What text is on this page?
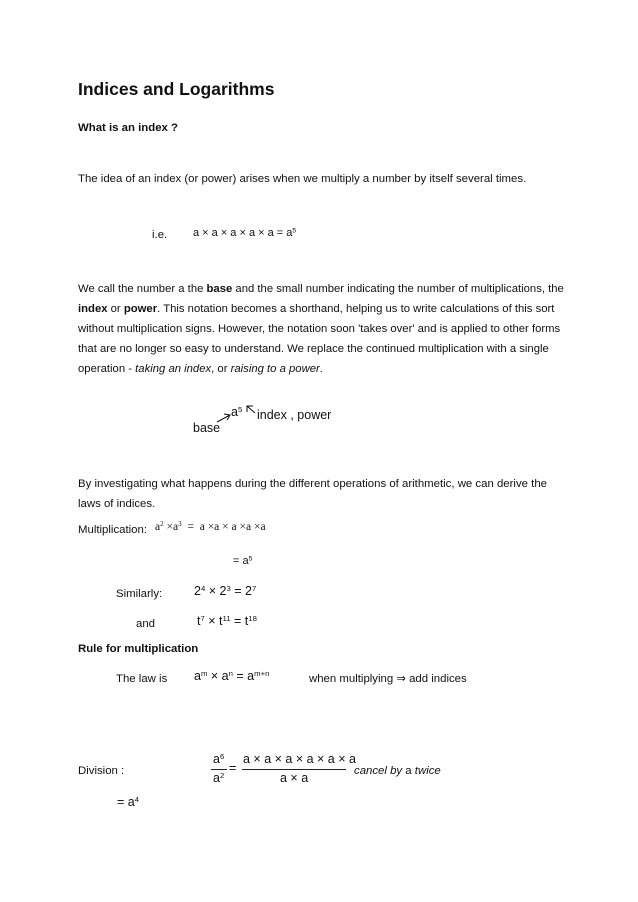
Indices and Logarithms
What is an index ?
The idea of an index (or power) arises when we multiply a number by itself several times.
i.e. $a \times a \times a \times a \times a = a^5$
We call the number a the base and the small number indicating the number of multiplications, the index or power. This notation becomes a shorthand, helping us to write calculations of this sort without multiplication signs. However, the notation soon 'takes over' and is applied to other forms that are no longer so easy to understand. We replace the continued multiplication with a single operation - taking an index, or raising to a power.
$a^5$ index , power
base
By investigating what happens during the different operations of arithmetic, we can derive the laws of indices.
Multiplication: $a^2 \times a^3 = a \times a \times a \times a \times a$
= $a^5$
Similarly:	$2^4 \times 2^3 = 2^7$
and	$t^7 \times t^{11} = t^{18}$
Rule for multiplication
The law is $a^m \times a^n = a^{m+n}$	when multiplying ⇒ add indices
Division :
$a^6$
$a^2$
=
a × a × a × a × a × a
a × a	cancel by a twice
= $a^4$
